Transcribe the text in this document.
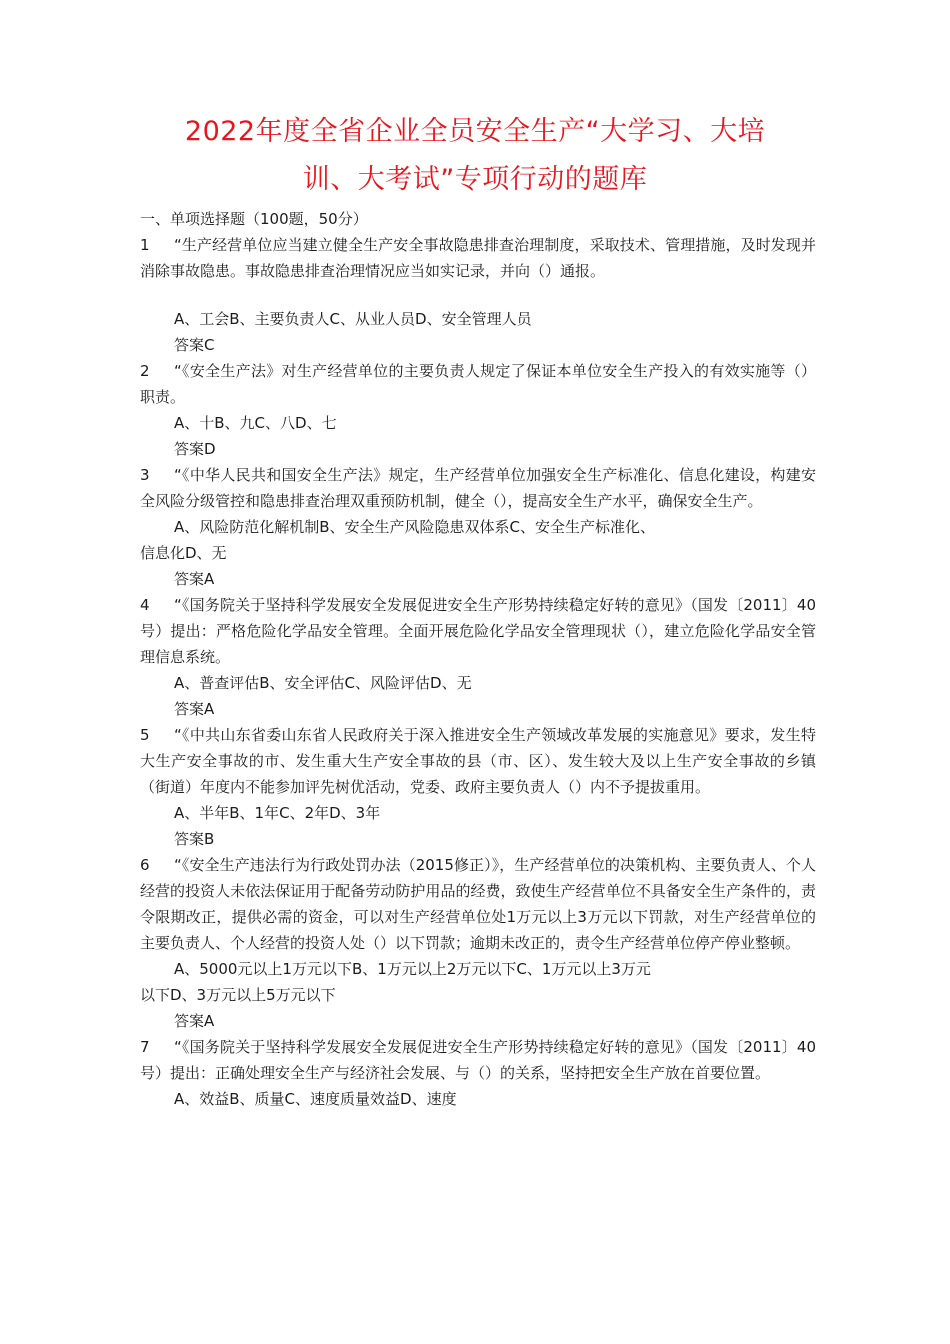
2022年度全省企业全员安全生产“大学习、大培
训、大考试”专项行动的题库
一、单项选择题（100题，50分）
1 “生产经营单位应当建立健全生产安全事故隐患排查治理制度，采取技术、管理措施，及时发现并消除事故隐患。事故隐患排查治理情况应当如实记录，并向（）通报。
A、工会B、主要负责人C、从业人员D、安全管理人员
答案C
2 “《安全生产法》对生产经营单位的主要负责人规定了保证本单位安全生产投入的有效实施等（）职责。
A、十B、九C、八D、七
答案D
3 “《中华人民共和国安全生产法》规定，生产经营单位加强安全生产标准化、信息化建设，构建安全风险分级管控和隐患排查治理双重预防机制，健全（），提高安全生产水平，确保安全生产。
A、风险防范化解机制B、安全生产风险隐患双体系C、安全生产标准化、
信息化D、无
答案A
4 “《国务院关于坚持科学发展安全发展促进安全生产形势持续稳定好转的意见》（国发〔2011〕40号）提出：严格危险化学品安全管理。全面开展危险化学品安全管理现状（），建立危险化学品安全管理信息系统。
A、普查评估B、安全评估C、风险评估D、无
答案A
5 “《中共山东省委山东省人民政府关于深入推进安全生产领域改革发展的实施意见》要求，发生特大生产安全事故的市、发生重大生产安全事故的县（市、区）、发生较大及以上生产安全事故的乡镇（街道）年度内不能参加评先树优活动，党委、政府主要负责人（）内不予提拔重用。
A、半年B、1年C、2年D、3年
答案B
6 “《安全生产违法行为行政处罚办法（2015修正）》，生产经营单位的决策机构、主要负责人、个人经营的投资人未依法保证用于配备劳动防护用品的经费，致使生产经营单位不具备安全生产条件的，责令限期改正，提供必需的资金，可以对生产经营单位处1万元以上3万元以下罚款，对生产经营单位的主要负责人、个人经营的投资人处（）以下罚款；逾期未改正的，责令生产经营单位停产停业整顿。
A、5000元以上1万元以下B、1万元以上2万元以下C、1万元以上3万元
以下D、3万元以上5万元以下
答案A
7 “《国务院关于坚持科学发展安全发展促进安全生产形势持续稳定好转的意见》（国发〔2011〕40号）提出：正确处理安全生产与经济社会发展、与（）的关系，坚持把安全生产放在首要位置。
A、效益B、质量C、速度质量效益D、速度
